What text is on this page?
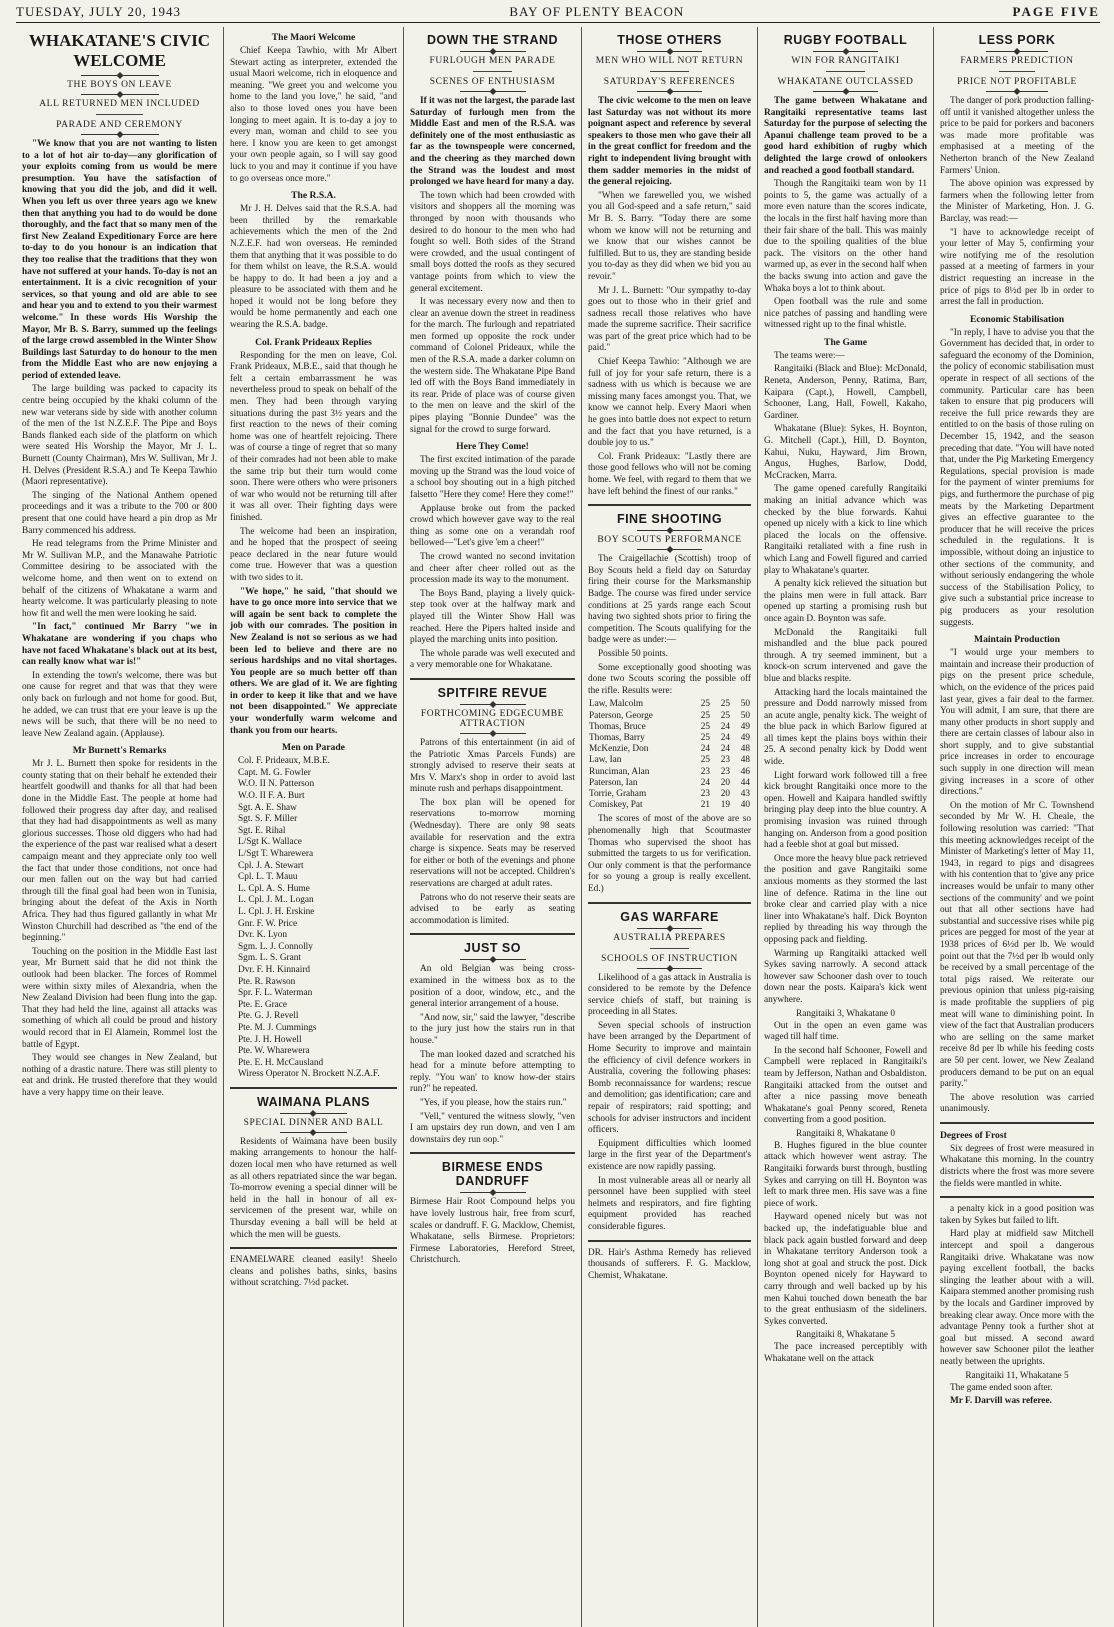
TUESDAY, JULY 20, 1943	BAY OF PLENTY BEACON	PAGE FIVE
WHAKATANE'S CIVIC WELCOME
THE BOYS ON LEAVE
ALL RETURNED MEN INCLUDED
PARADE AND CEREMONY

"We know that you are not wanting to listen to a lot of hot air to-day—any glorification of your exploits coming from us would be mere presumption. You have the satisfaction of knowing that you did the job, and did it well. When you left us over three years ago we knew then that anything you had to do would be done thoroughly, and the fact that so many men of the first New Zealand Expeditionary Force are here to-day to do you honour is an indication that they too realise that the traditions that they won have not suffered at your hands. To-day is not an entertainment. It is a civic recognition of your services, so that young and old are able to see and hear you and to extend to you their warmest welcome." In these words His Worship the Mayor, Mr B. S. Barry, summed up the feelings of the large crowd assembled in the Winter Show Buildings last Saturday to do honour to the men from the Middle East who are now enjoying a period of extended leave.

The large building was packed to capacity its centre being occupied by the khaki column of the new war veterans side by side with another column of the men of the 1st N.Z.E.F. The Pipe and Boys Bands flanked each side of the platform on which were seated His Worship the Mayor, Mr J. L. Burnett (County Chairman), Mrs W. Sullivan, Mr J. H. Delves (President R.S.A.) and Te Keepa Tawhio (Maori representative).

The singing of the National Anthem opened proceedings and it was a tribute to the 700 or 800 present that one could have heard a pin drop as Mr Barry commenced his address.

He read telegrams from the Prime Minister and Mr W. Sullivan M.P., and the Manawahe Patriotic Committee desiring to be associated with the welcome home, and then went on to extend on behalf of the citizens of Whakatane a warm and hearty welcome. It was particularly pleasing to note how fit and well the men were looking he said.

"In fact," continued Mr Barry "we in Whakatane are wondering if you chaps who have not faced Whakatane's black out at its best, can really know what war is!"

In extending the town's welcome, there was but one cause for regret and that was that they were only back on furlough and not home for good. But, he added, we can trust that ere your leave is up the news will be such, that there will be no need to leave New Zealand again. (Applause).

Mr Burnett's Remarks

Mr J. L. Burnett then spoke for residents in the county stating that on their behalf he extended their heartfelt goodwill and thanks for all that had been done in the Middle East. The people at home had followed their progress day after day, and realised that they had had disappointments as well as many glorious successes. Those old diggers who had had the experience of the past war realised what a desert campaign meant and they appreciate only too well the fact that under those conditions, not once had our men fallen out on the way but had carried through till the final goal had been won in Tunisia, bringing about the defeat of the Axis in North Africa. They had thus figured gallantly in what Mr Winston Churchill had described as "the end of the beginning."

Touching on the position in the Middle East last year, Mr Burnett said that he did not think the outlook had been blacker. The forces of Rommel were within sixty miles of Alexandria, when the New Zealand Division had been flung into the gap. That they had held the line, against all attacks was something of which all could be proud and history would record that in El Alamein, Rommel lost the battle of Egypt.

They would see changes in New Zealand, but nothing of a drastic nature. There was still plenty to eat and drink. He trusted therefore that they would have a very happy time on their leave.

The Maori Welcome

Chief Keepa Tawhio, with Mr Albert Stewart acting as interpreter, extended the usual Maori welcome, rich in eloquence and meaning. "We greet you and welcome you home to the land you love," he said, "and also to those loved ones you have been longing to meet again. It is to-day a joy to every man, woman and child to see you here. I know you are keen to get amongst your own people again, so I will say good luck to you and may it continue if you have to go overseas once more."

The R.S.A.

Mr J. H. Delves said that the R.S.A. had been thrilled by the remarkable achievements which the men of the 2nd N.Z.E.F. had won overseas. He reminded them that anything that it was possible to do for them whilst on leave, the R.S.A. would be happy to do. It had been a joy and a pleasure to be associated with them and he hoped it would not be long before they would be home permanently and each one wearing the R.S.A. badge.

Col. Frank Prideaux Replies

Responding for the men on leave, Col. Frank Prideaux, M.B.E., said that though he felt a certain embarrassment he was nevertheless proud to speak on behalf of the men. They had been through varying situations during the past 3½ years and the first reaction to the news of their coming home was one of heartfelt rejoicing. There was of course a tinge of regret that so many of their comrades had not been able to make the same trip but their turn would come soon. There were others who were prisoners of war who would not be returning till after it was all over. Their fighting days were finished.

The welcome had been an inspiration, and he hoped that the prospect of seeing peace declared in the near future would come true. However that was a question with two sides to it.

"We hope," he said, "that should we have to go once more into service that we will again be sent back to complete the job with our comrades. The position in New Zealand is not so serious as we had been led to believe and there are no serious hardships and no vital shortages. You people are so much better off than others. We are glad of it. We are fighting in order to keep it like that and we have not been disappointed." We appreciate your wonderfully warm welcome and thank you from our hearts.

Men on Parade
Col. F. Prideaux, M.B.E.
Capt. M. G. Fowler
W.O. II N. Patterson
W.O. II F. A. Burt
Sgt. A. E. Shaw
Sgt. S. F. Miller
Sgt. E. Rihal
L/Sgt K. Wallace
L/Sgt T. Wharewera
Cpl. J. A. Stewart
Cpl. L. T. Mauu
L. Cpl. A. S. Hume
L. Cpl. J. M.. Logan
L. Cpl. J. H. Erskine
Gnr. F. W. Price
Dvr. K. Lyon
Sgm. L. J. Connolly
Sgm. L. S. Grant
Dvr. F. H. Kinnaird
Pte. R. Rawson
Spr. F. L. Waterman
Pte. E. Grace
Pte. G. J. Revell
Pte. M. J. Cummings
Pte. J. H. Howell
Pte. W. Wharewera
Pte. E. H. McCausland
Wiress Operator N. Brockett N.Z.A.F.
WAIMANA PLANS
SPECIAL DINNER AND BALL

Residents of Waimana have been busily making arrangements to honour the half-dozen local men who have returned as well as all others repatriated since the war began. To-morrow evening a special dinner will be held in the hall in honour of all ex-servicemen of the present war, while on Thursday evening a ball will be held at which the men will be guests.

ENAMELWARE cleaned easily! Sheelo cleans and polishes baths, sinks, basins without scratching. 7½d packet.
DOWN THE STRAND
FURLOUGH MEN PARADE
SCENES OF ENTHUSIASM

If it was not the largest, the parade last Saturday of furlough men from the Middle East and men of the R.S.A. was definitely one of the most enthusiastic as far as the townspeople were concerned, and the cheering as they marched down the Strand was the loudest and most prolonged we have heard for many a day.

The town which had been crowded with visitors and shoppers all the morning was thronged by noon with thousands who desired to do honour to the men who had fought so well. Both sides of the Strand were crowded, and the usual contingent of small boys dotted the roofs as they secured vantage points from which to view the general excitement.

It was necessary every now and then to clear an avenue down the street in readiness for the march. The furlough and repatriated men formed up opposite the rock under command of Colonel Prideaux, while the men of the R.S.A. made a darker column on the western side. The Whakatane Pipe Band led off with the Boys Band immediately in its rear. Pride of place was of course given to the men on leave and the skirl of the pipes playing "Bonnie Dundee" was the signal for the crowd to surge forward.

Here They Come!

The first excited intimation of the parade moving up the Strand was the loud voice of a school boy shouting out in a high pitched falsetto "Here they come! Here they come!"

Applause broke out from the packed crowd which however gave way to the real thing as some one on a verandah roof bellowed—"Let's give 'em a cheer!"

The crowd wanted no second invitation and cheer after cheer rolled out as the procession made its way to the monument.

The Boys Band, playing a lively quick-step took over at the halfway mark and played till the Winter Show Hall was reached. Here the Pipers halted inside and played the marching units into position.

The whole parade was well executed and a very memorable one for Whakatane.

SPITFIRE REVUE
FORTHCOMING EDGECUMBE ATTRACTION

Patrons of this entertainment (in aid of the Patriotic Xmas Parcels Funds) are strongly advised to reserve their seats at Mrs V. Marx's shop in order to avoid last minute rush and perhaps disappointment.

The box plan will be opened for reservations to-morrow morning (Wednesday). There are only 98 seats available for reservation and the extra charge is sixpence. Seats may be reserved for either or both of the evenings and phone reservations will not be accepted. Children's reservations are charged at adult rates.

Patrons who do not reserve their seats are advised to be early as seating accommodation is limited.

JUST SO

An old Belgian was being cross-examined in the witness box as to the position of a door, window, etc., and the general interior arrangement of a house.

"And now, sir," said the lawyer, "describe to the jury just how the stairs run in that house."

The man looked dazed and scratched his head for a minute before attempting to reply. "You wan' to know how-der stairs run?" he repeated.

"Yes, if you please, how the stairs run."

"Vell," ventured the witness slowly, "ven I am upstairs dey run down, and ven I am downstairs dey run oop."

BIRMESE ENDS DANDRUFF
Birmese Hair Root Compound helps you have lovely lustrous hair, free from scurf, scales or dandruff. F. G. Macklow, Chemist, Whakatane, sells Birmese. Proprietors: Firmese Laboratories, Hereford Street, Christchurch.
THOSE OTHERS
MEN WHO WILL NOT RETURN
SATURDAY'S REFERENCES

The civic welcome to the men on leave last Saturday was not without its more poignant aspect and reference by several speakers to those men who gave their all in the great conflict for freedom and the right to independent living brought with them sadder memories in the midst of the general rejoicing.

"When we farewelled you, we wished you all God-speed and a safe return," said Mr B. S. Barry. "Today there are some whom we know will not be returning and we know that our wishes cannot be fulfilled. But to us, they are standing beside you to-day as they did when we bid you au revoir."

Mr J. L. Burnett: "Our sympathy to-day goes out to those who in their grief and sadness recall those relatives who have made the supreme sacrifice. Their sacrifice was part of the great price which had to be paid."

Chief Keepa Tawhio: "Although we are full of joy for your safe return, there is a sadness with us which is because we are missing many faces amongst you. That, we know we cannot help. Every Maori when he goes into battle does not expect to return and the fact that you have returned, is a double joy to us."

Col. Frank Prideaux: "Lastly there are those good fellows who will not be coming home. We feel, with regard to them that we have left behind the finest of our ranks."

FINE SHOOTING
BOY SCOUTS PERFORMANCE

The Craigellachie (Scottish) troop of Boy Scouts held a field day on Saturday firing their course for the Marksmanship Badge. The course was fired under service conditions at 25 yards range each Scout having two sighted shots prior to firing the competition. The Scouts qualifying for the badge were as under:—

Possible 50 points.

Some exceptionally good shooting was done two Scouts scoring the possible off the rifle. Results were:

Law, Malcolm	25	25	50
Paterson, George	25	25	50
Thomas, Bruce	25	24	49
Thomas, Barry	25	24	49
McKenzie, Don	24	24	48
Law, Ian	25	23	48
Runciman, Alan	23	23	46
Paterson, Ian	24	20	44
Torrie, Graham	23	20	43
Comiskey, Pat	21	19	40

The scores of most of the above are so phenomenally high that Scoutmaster Thomas who supervised the shoot has submitted the targets to us for verification. Our only comment is that the performance for so young a group is really excellent. Ed.)

GAS WARFARE
AUSTRALIA PREPARES
SCHOOLS OF INSTRUCTION

Likelihood of a gas attack in Australia is considered to be remote by the Defence service chiefs of staff, but training is proceeding in all States.

Seven special schools of instruction have been arranged by the Department of Home Security to improve and maintain the efficiency of civil defence workers in Australia, covering the following phases: Bomb reconnaissance for wardens; rescue and demolition; gas identification; care and repair of respirators; raid spotting; and schools for adviser instructors and incident officers.

Equipment difficulties which loomed large in the first year of the Department's existence are now rapidly passing.

In most vulnerable areas all or nearly all personnel have been supplied with steel helmets and respirators, and fire fighting equipment provided has reached considerable figures.

DR. Hair's Asthma Remedy has relieved thousands of sufferers. F. G. Macklow, Chemist, Whakatane.
RUGBY FOOTBALL
WIN FOR RANGITAIKI
WHAKATANE OUTCLASSED

The game between Whakatane and Rangitaiki representative teams last Saturday for the purpose of selecting the Apanui challenge team proved to be a good hard exhibition of rugby which delighted the large crowd of onlookers and reached a good football standard.

Though the Rangitaiki team won by 11 points to 5, the game was actually of a more even nature than the scores indicate, the locals in the first half having more than their fair share of the ball. This was mainly due to the spoiling qualities of the blue pack. The visitors on the other hand warmed up, as ever in the second half when the backs swung into action and gave the Whaka boys a lot to think about.

Open football was the rule and some nice patches of passing and handling were witnessed right up to the final whistle.

The Game

The teams were:—

Rangitaiki (Black and Blue): McDonald, Reneta, Anderson, Penny, Ratima, Barr, Kaipara (Capt.), Howell, Campbell, Schooner, Lang, Hall, Fowell, Kakaho, Gardiner.

Whakatane (Blue): Sykes, H. Boynton, G. Mitchell (Capt.), Hill, D. Boynton, Kahui, Nuku, Hayward, Jim Brown, Angus, Hughes, Barlow, Dodd, McCracken, Marra.

The game opened carefully Rangitaiki making an initial advance which was checked by the blue forwards. Kahui opened up nicely with a kick to line which placed the locals on the offensive. Rangitaiki retaliated with a fine rush in which Lang and Fowell figured and carried play to Whakatane's quarter.

A penalty kick relieved the situation but the plains men were in full attack. Barr opened up starting a promising rush but once again D. Boynton was safe.

McDonald the Rangitaiki full mishandled and the blue pack poured through. A try seemed imminent, but a knock-on scrum intervened and gave the blue and blacks respite.

Attacking hard the locals maintained the pressure and Dodd narrowly missed from an acute angle, penalty kick. The weight of the blue pack in which Barlow figured at all times kept the plains boys within their 25. A second penalty kick by Dodd went wide.

Light forward work followed till a free kick brought Rangitaiki once more to the open. Howell and Kaipara handled swiftly bringing play deep into the blue country. A promising invasion was ruined through hanging on. Anderson from a good position had a feeble shot at goal but missed.

Once more the heavy blue pack retrieved the position and gave Rangitaiki some anxious moments as they stormed the last line of defence. Ratima in the line out broke clear and carried play with a nice liner into Whakatane's half. Dick Boynton replied by threading his way through the opposing pack and fielding.

Warming up Rangitaiki attacked well Sykes saving narrowly. A second attack however saw Schooner dash over to touch down near the posts. Kaipara's kick went anywhere.

Rangitaiki 3, Whakatane 0

Out in the open an even game was waged till half time.

In the second half Schooner, Fowell and Campbell were replaced in Rangitaiki's team by Jefferson, Nathan and Osbaldiston. Rangitaiki attacked from the outset and after a nice passing move beneath Whakatane's goal Penny scored, Reneta converting from a good position.

Rangitaiki 8, Whakatane 0

B. Hughes figured in the blue counter attack which however went astray. The Rangitaiki forwards burst through, bustling Sykes and carrying on till H. Boynton was left to mark three men. His save was a fine piece of work.

Hayward opened nicely but was not backed up, the indefatiguable blue and black pack again bustled forward and deep in Whakatane territory Anderson took a long shot at goal and struck the post. Dick Boynton opened nicely for Hayward to carry through and well backed up by his men Kahui touched down beneath the bar to the great enthusiasm of the sideliners. Sykes converted.

Rangitaiki 8, Whakatane 5

The pace increased perceptibly with Whakatane well on the attack

LESS PORK
FARMERS PREDICTION
PRICE NOT PROFITABLE

The danger of pork production falling-off until it vanished altogether unless the price to be paid for porkers and baconers was made more profitable was emphasised at a meeting of the Netherton branch of the New Zealand Farmers' Union.

The above opinion was expressed by farmers when the following letter from the Minister of Marketing, Hon. J. G. Barclay, was read:—

"I have to acknowledge receipt of your letter of May 5, confirming your wire notifying me of the resolution passed at a meeting of farmers in your district requesting an increase in the price of pigs to 8½d per lb in order to arrest the fall in production.

Economic Stabilisation

"In reply, I have to advise you that the Government has decided that, in order to safeguard the economy of the Dominion, the policy of economic stabilisation must operate in respect of all sections of the community. Particular care has been taken to ensure that pig producers will receive the full price rewards they are entitled to on the basis of those ruling on December 15, 1942, and the season preceding that date. "You will have noted that, under the Pig Marketing Emergency Regulations, special provision is made for the payment of winter premiums for pigs, and furthermore the purchase of pig meats by the Marketing Department gives an effective guarantee to the producer that he will receive the prices scheduled in the regulations. It is impossible, without doing an injustice to other sections of the community, and without seriously endangering the whole success of the Stabilisation Policy, to give such a substantial price increase to pig producers as your resolution suggests.

Maintain Production

"I would urge your members to maintain and increase their production of pigs on the present price schedule, which, on the evidence of the prices paid last year, gives a fair deal to the farmer. You will admit, I am sure, that there are many other products in short supply and there are certain classes of labour also in short supply, and to give substantial price increases in order to encourage such supply in one direction will mean giving increases in a score of other directions."

On the motion of Mr C. Townshend seconded by Mr W. H. Cheale, the following resolution was carried: "That this meeting acknowledges receipt of the Minister of Marketing's letter of May 11, 1943, in regard to pigs and disagrees with his contention that to 'give any price increases would be unfair to many other sections of the community' and we point out that all other sections have had substantial and successive rises while pig prices are pegged for most of the year at 1938 prices of 6½d per lb. We would point out that the 7½d per lb would only be received by a small percentage of the total pigs raised. We reiterate our previous opinion that unless pig-raising is made profitable the suppliers of pig meat will wane to diminishing point. In view of the fact that Australian producers who are selling on the same market receive 8d per lb while his feeding costs are 50 per cent. lower, we New Zealand producers demand to be put on an equal parity."

The above resolution was carried unanimously.

Degrees of Frost

Six degrees of frost were measured in Whakatane this morning. In the country districts where the frost was more severe the fields were mantled in white.

a penalty kick in a good position was taken by Sykes but failed to lift.

Hard play at midfield saw Mitchell intercept and spoil a dangerous Rangitaiki drive. Whakatane was now paying excellent football, the backs slinging the leather about with a will. Kaipara stemmed another promising rush by the locals and Gardiner improved by breaking clear away. Once more with the advantage Penny took a further shot at goal but missed. A second award however saw Schooner pilot the leather neatly between the uprights.

Rangitaiki 11, Whakatane 5

The game ended soon after.

Mr F. Darvill was referee.
